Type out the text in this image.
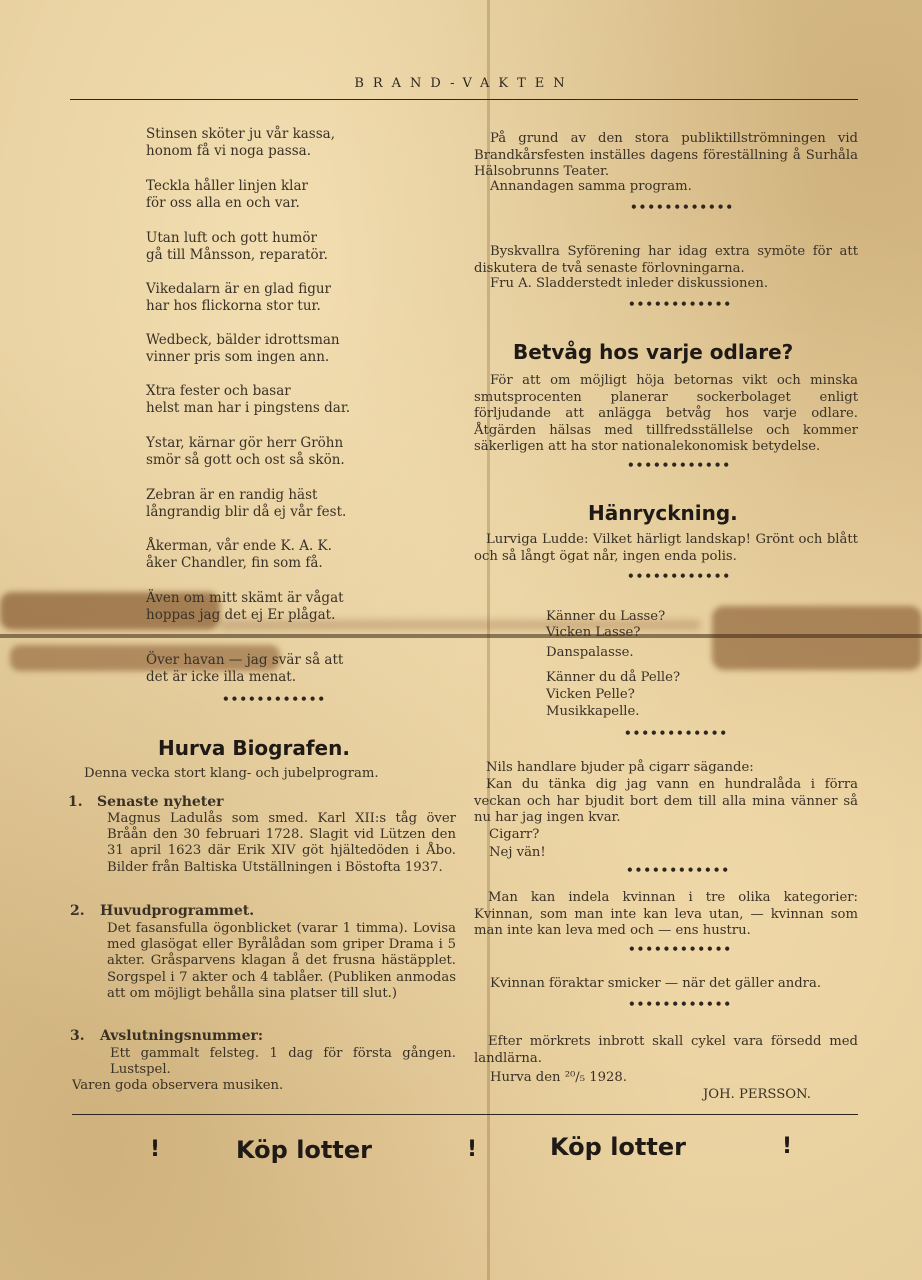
BRAND-VAKTEN
Stinsen sköter ju vår kassa,
honom få vi noga passa.
Teckla håller linjen klar
för oss alla en och var.
Utan luft och gott humör
gå till Månsson, reparatör.
Vikedalarn är en glad figur
har hos flickorna stor tur.
Wedbeck, bälder idrottsman
vinner pris som ingen ann.
Xtra fester och basar
helst man har i pingstens dar.
Ystar, kärnar gör herr Gröhn
smör så gott och ost så skön.
Zebran är en randig häst
långrandig blir då ej vår fest.
Åkerman, vår ende K. A. K.
åker Chandler, fin som få.
Även om mitt skämt är vågat
hoppas jag det ej Er plågat.
Över havan — jag svär så att
det är icke illa menat.
••••••••••••
Hurva Biografen.
Denna vecka stort klang- och jubelprogram.
1. Senaste nyheter
Magnus Ladulås som smed. Karl XII:s tåg över Bråån den 30 februari 1728. Slagit vid Lützen den 31 april 1623 där Erik XIV göt hjältedöden i Åbo. Bilder från Baltiska Utställningen i Böstofta 1937.
2. Huvudprogrammet.
Det fasansfulla ögonblicket (varar 1 timma). Lovisa med glasögat eller Byrålådan som griper Drama i 5 akter. Gråsparvens klagan å det frusna hästäpplet. Sorgspel i 7 akter och 4 tablåer. (Publiken anmodas att om möjligt behålla sina platser till slut.)
3. Avslutningsnummer:
Ett gammalt felsteg. 1 dag för första gången. Lustspel.
Varen goda observera musiken.
På grund av den stora publiktillströmningen vid Brandkårsfesten inställes dagens föreställning å Surhåla Hälsobrunns Teater.
Annandagen samma program.
••••••••••••
Byskvallra Syförening har idag extra symöte för att diskutera de två senaste förlovningarna.
Fru A. Sladderstedt inleder diskussionen.
••••••••••••
Betvåg hos varje odlare?
För att om möjligt höja betornas vikt och minska smutsprocenten planerar sockerbolaget enligt förljudande att anlägga betvåg hos varje odlare. Åtgärden hälsas med tillfredsställelse och kommer säkerligen att ha stor nationalekonomisk betydelse.
••••••••••••
Hänryckning.
Lurviga Ludde: Vilket härligt landskap! Grönt och blått och så långt ögat når, ingen enda polis.
••••••••••••
Känner du Lasse?
Vicken Lasse?
Danspalasse.
Känner du då Pelle?
Vicken Pelle?
Musikkapelle.
••••••••••••
Nils handlare bjuder på cigarr sägande:
Kan du tänka dig jag vann en hundralåda i förra veckan och har bjudit bort dem till alla mina vänner så nu har jag ingen kvar.
Cigarr?
Nej vän!
••••••••••••
Man kan indela kvinnan i tre olika kategorier: Kvinnan, som man inte kan leva utan, — kvinnan som man inte kan leva med och — ens hustru.
••••••••••••
Kvinnan föraktar smicker — när det gäller andra.
••••••••••••
Efter mörkrets inbrott skall cykel vara försedd med landlärna.
Hurva den ²⁰/₅ 1928.
JOH. PERSSON.
!	Köp lotter	!	Köp lotter	!
